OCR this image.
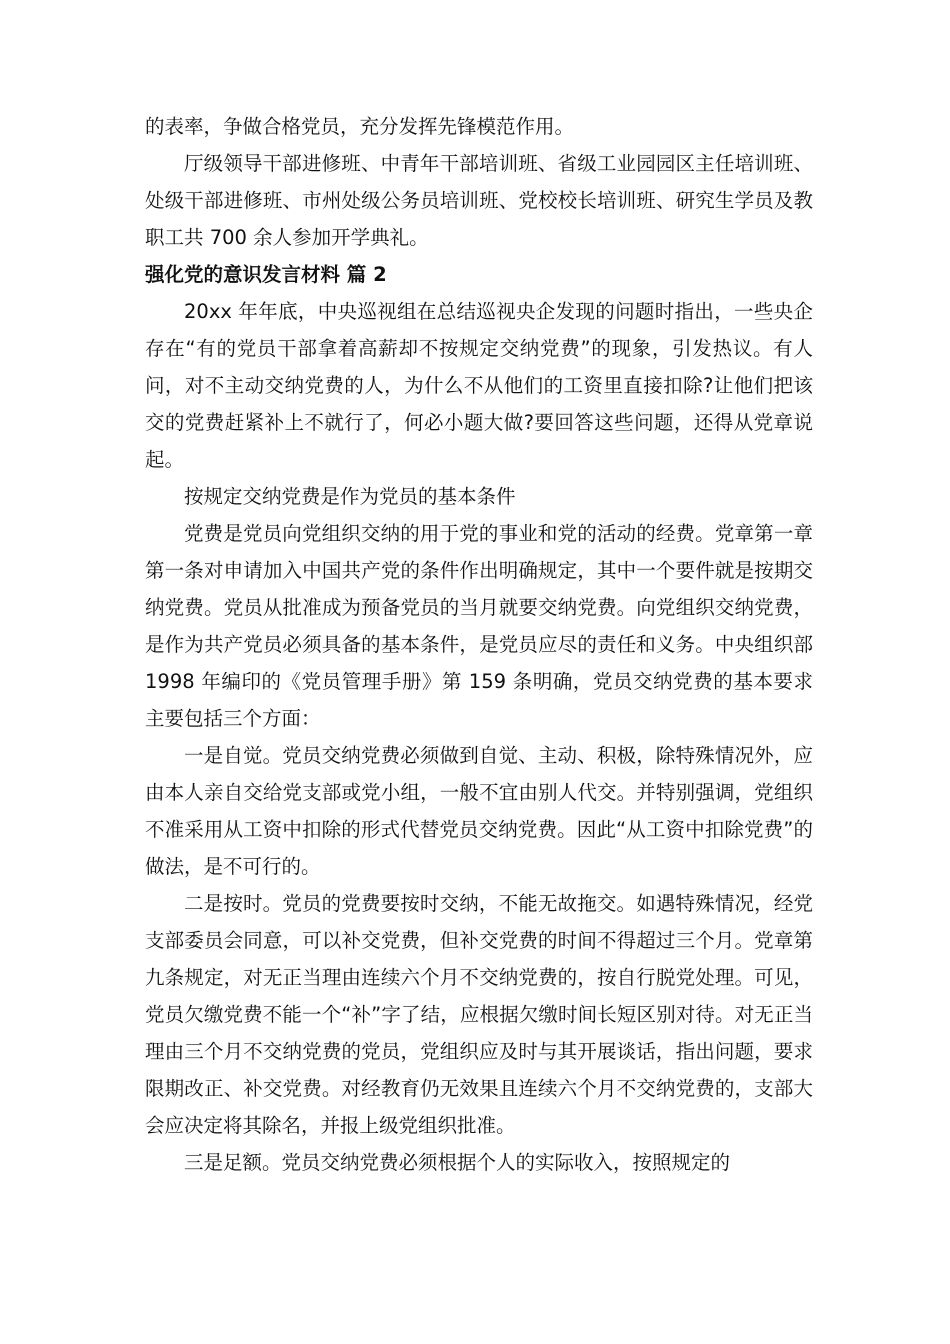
的表率，争做合格党员，充分发挥先锋模范作用。

厅级领导干部进修班、中青年干部培训班、省级工业园园区主任培训班、处级干部进修班、市州处级公务员培训班、党校校长培训班、研究生学员及教职工共 700 余人参加开学典礼。

强化党的意识发言材料 篇 2

20xx 年年底，中央巡视组在总结巡视央企发现的问题时指出，一些央企存在“有的党员干部拿着高薪却不按规定交纳党费”的现象，引发热议。有人问，对不主动交纳党费的人，为什么不从他们的工资里直接扣除?让他们把该交的党费赶紧补上不就行了，何必小题大做?要回答这些问题，还得从党章说起。

按规定交纳党费是作为党员的基本条件

党费是党员向党组织交纳的用于党的事业和党的活动的经费。党章第一章第一条对申请加入中国共产党的条件作出明确规定，其中一个要件就是按期交纳党费。党员从批准成为预备党员的当月就要交纳党费。向党组织交纳党费，是作为共产党员必须具备的基本条件，是党员应尽的责任和义务。中央组织部 1998 年编印的《党员管理手册》第 159 条明确，党员交纳党费的基本要求主要包括三个方面：

一是自觉。党员交纳党费必须做到自觉、主动、积极，除特殊情况外，应由本人亲自交给党支部或党小组，一般不宜由别人代交。并特别强调，党组织不准采用从工资中扣除的形式代替党员交纳党费。因此“从工资中扣除党费”的做法，是不可行的。

二是按时。党员的党费要按时交纳，不能无故拖交。如遇特殊情况，经党支部委员会同意，可以补交党费，但补交党费的时间不得超过三个月。党章第九条规定，对无正当理由连续六个月不交纳党费的，按自行脱党处理。可见，党员欠缴党费不能一个“补”字了结，应根据欠缴时间长短区别对待。对无正当理由三个月不交纳党费的党员，党组织应及时与其开展谈话，指出问题，要求限期改正、补交党费。对经教育仍无效果且连续六个月不交纳党费的，支部大会应决定将其除名，并报上级党组织批准。

三是足额。党员交纳党费必须根据个人的实际收入，按照规定的
